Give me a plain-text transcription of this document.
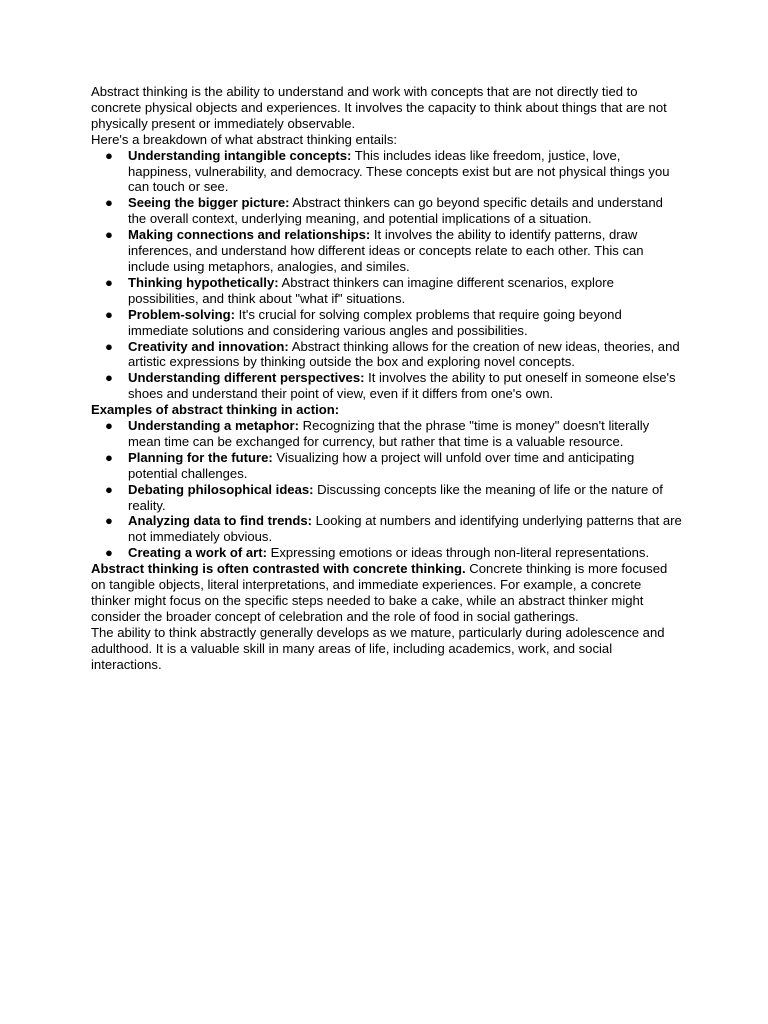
Abstract thinking is the ability to understand and work with concepts that are not directly tied to concrete physical objects and experiences. It involves the capacity to think about things that are not physically present or immediately observable.

Here's a breakdown of what abstract thinking entails:

● Understanding intangible concepts: This includes ideas like freedom, justice, love, happiness, vulnerability, and democracy. These concepts exist but are not physical things you can touch or see.
● Seeing the bigger picture: Abstract thinkers can go beyond specific details and understand the overall context, underlying meaning, and potential implications of a situation.
● Making connections and relationships: It involves the ability to identify patterns, draw inferences, and understand how different ideas or concepts relate to each other. This can include using metaphors, analogies, and similes.
● Thinking hypothetically: Abstract thinkers can imagine different scenarios, explore possibilities, and think about "what if" situations.
● Problem-solving: It's crucial for solving complex problems that require going beyond immediate solutions and considering various angles and possibilities.
● Creativity and innovation: Abstract thinking allows for the creation of new ideas, theories, and artistic expressions by thinking outside the box and exploring novel concepts.
● Understanding different perspectives: It involves the ability to put oneself in someone else's shoes and understand their point of view, even if it differs from one's own.

Examples of abstract thinking in action:

● Understanding a metaphor: Recognizing that the phrase "time is money" doesn't literally mean time can be exchanged for currency, but rather that time is a valuable resource.
● Planning for the future: Visualizing how a project will unfold over time and anticipating potential challenges.
● Debating philosophical ideas: Discussing concepts like the meaning of life or the nature of reality.
● Analyzing data to find trends: Looking at numbers and identifying underlying patterns that are not immediately obvious.
● Creating a work of art: Expressing emotions or ideas through non-literal representations.

Abstract thinking is often contrasted with concrete thinking. Concrete thinking is more focused on tangible objects, literal interpretations, and immediate experiences. For example, a concrete thinker might focus on the specific steps needed to bake a cake, while an abstract thinker might consider the broader concept of celebration and the role of food in social gatherings.

The ability to think abstractly generally develops as we mature, particularly during adolescence and adulthood. It is a valuable skill in many areas of life, including academics, work, and social interactions.
